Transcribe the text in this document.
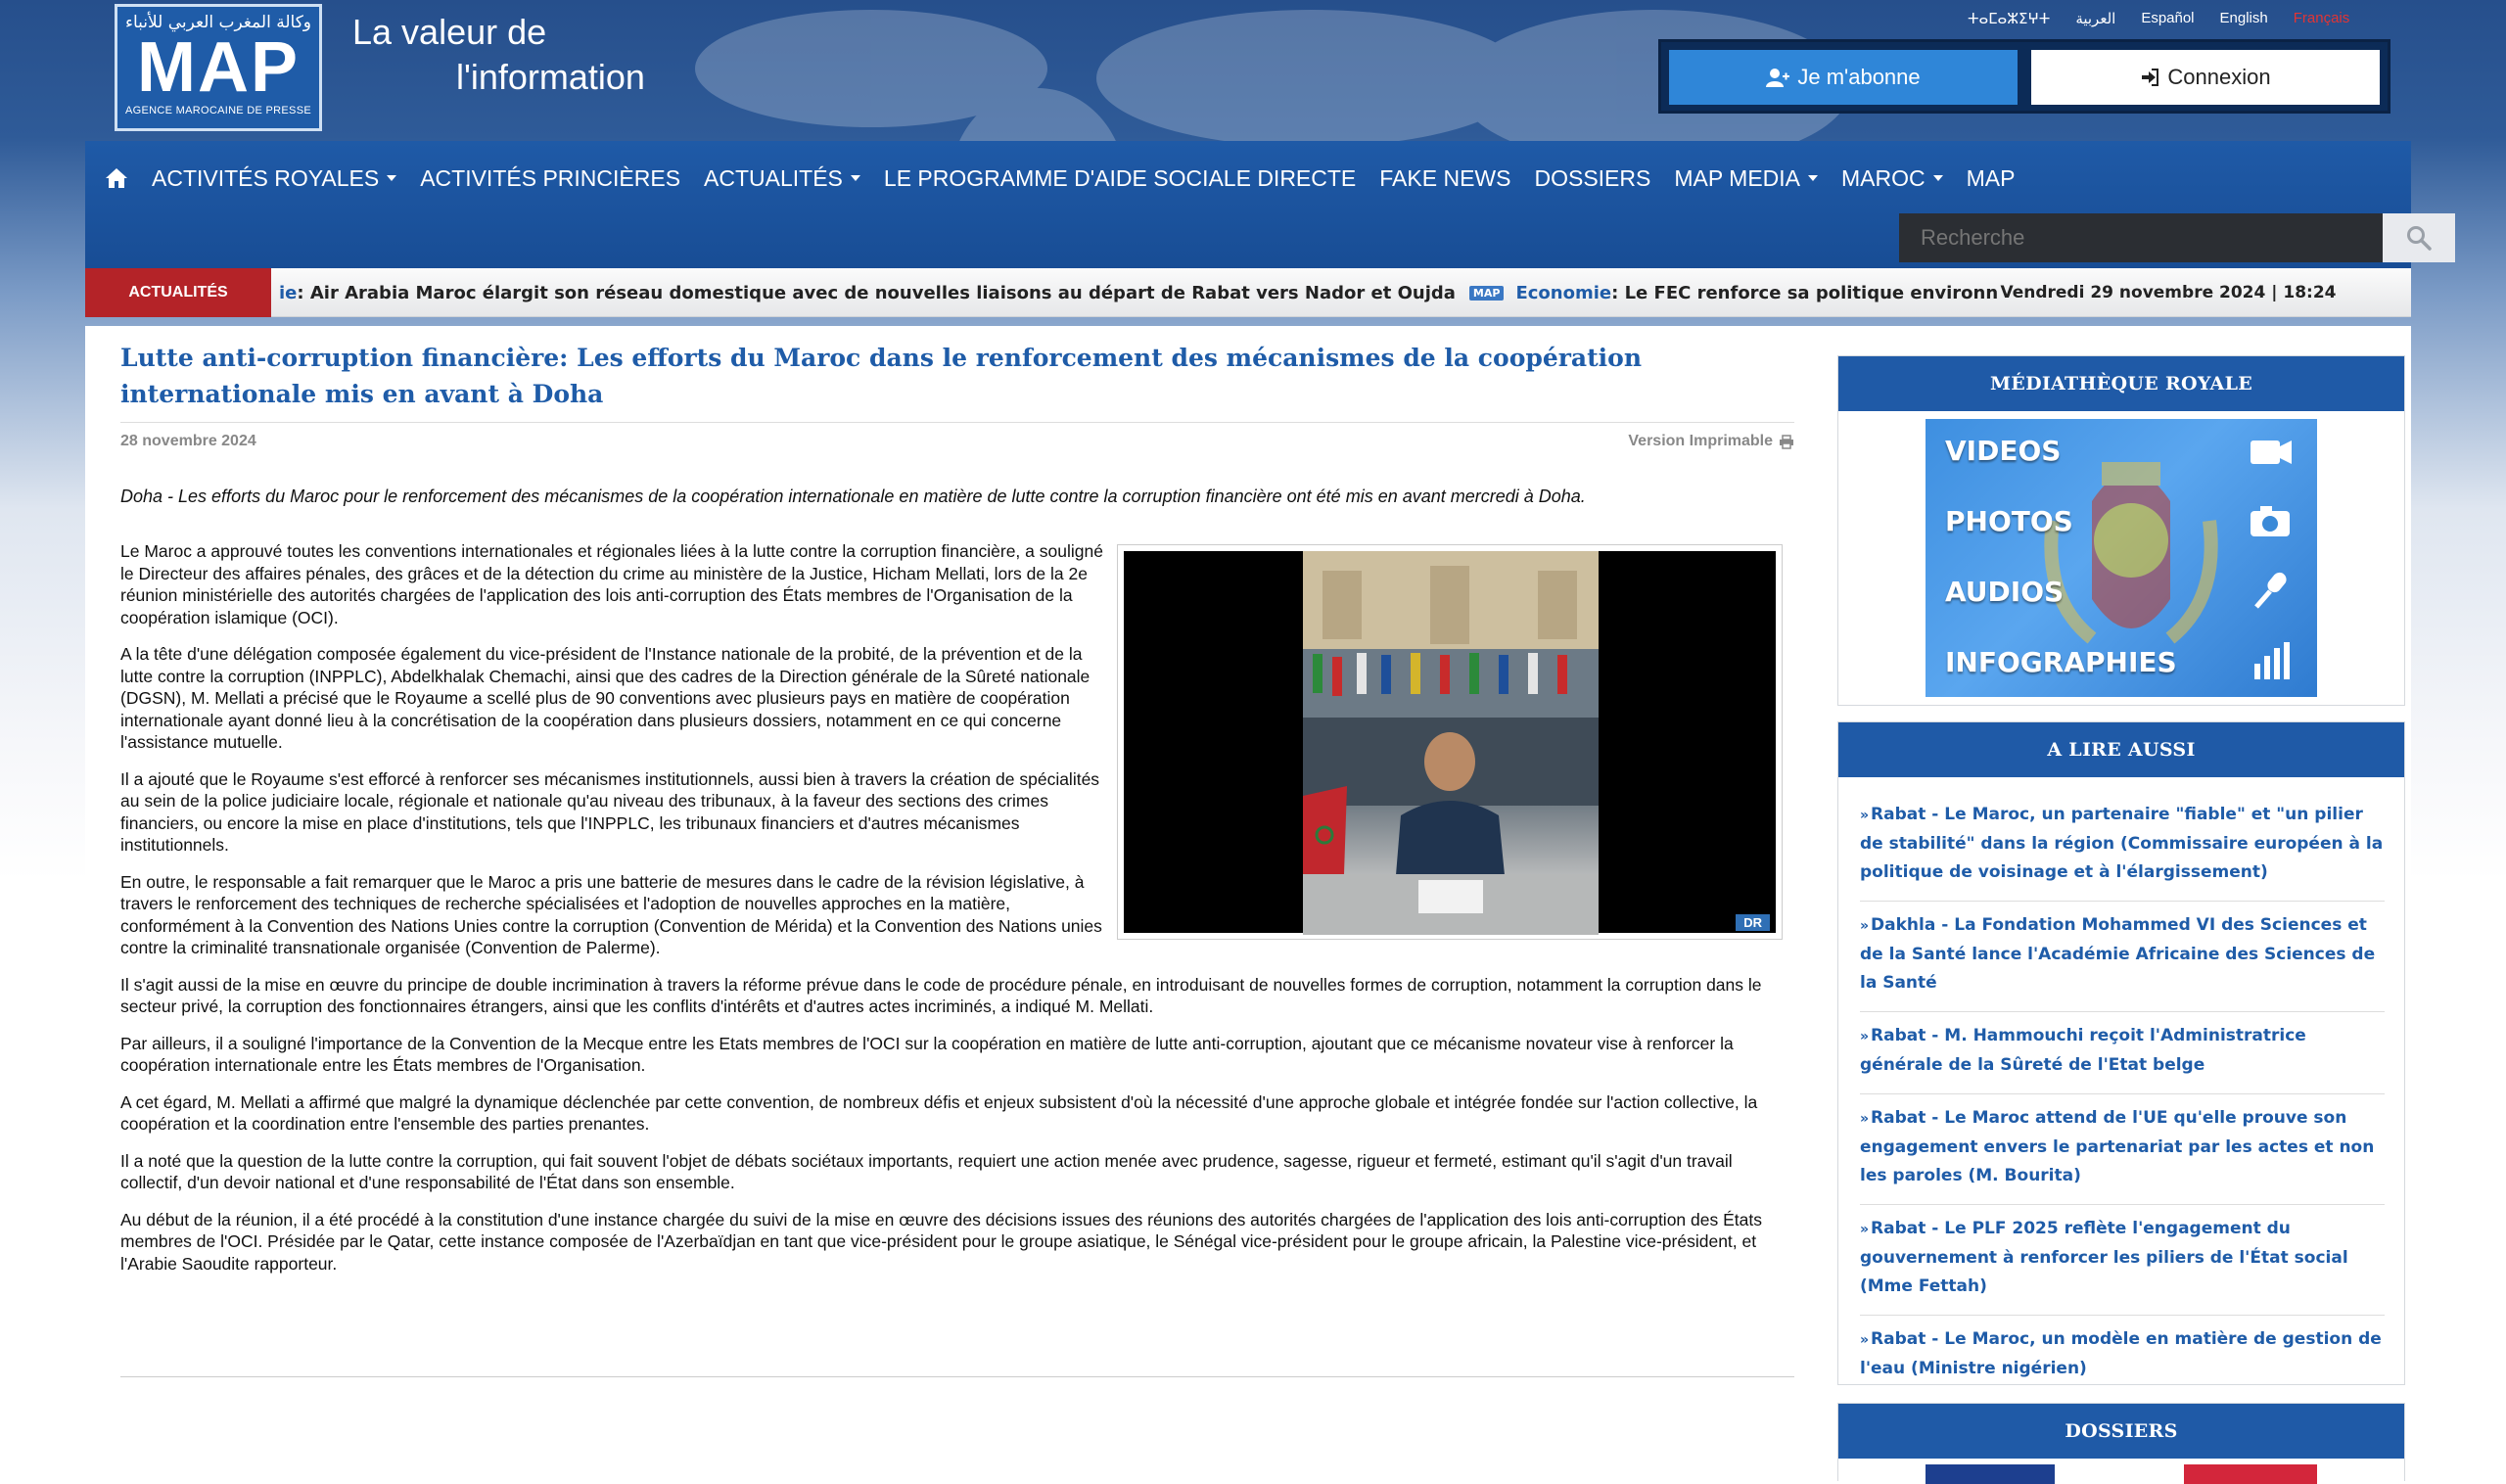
وكالة المغرب العربي للأنباء
MAP
AGENCE MAROCAINE DE PRESSE
La valeur de
l'information
ⵜⴰⵎⴰⵣⵉⵖⵜ العربية Español English Français
Je m'abonne	Connexion
ACTIVITÉS ROYALES ACTIVITÉS PRINCIÈRES ACTUALITÉS LE PROGRAMME D'AIDE SOCIALE DIRECTE FAKE NEWS DOSSIERS MAP MEDIA MAROC MAP
Recherche
ACTUALITÉS	ie : Air Arabia Maroc élargit son réseau domestique avec de nouvelles liaisons au départ de Rabat vers Nador et Oujda	MAP Economie : Le FEC renforce sa politique environn Vendredi 29 novembre 2024 | 18:24
Lutte anti-corruption financière: Les efforts du Maroc dans le renforcement des mécanismes de la coopération internationale mis en avant à Doha
28 novembre 2024	Version Imprimable

Doha - Les efforts du Maroc pour le renforcement des mécanismes de la coopération internationale en matière de lutte contre la corruption financière ont été mis en avant mercredi à Doha.

DR

Le Maroc a approuvé toutes les conventions internationales et régionales liées à la lutte contre la corruption financière, a souligné le Directeur des affaires pénales, des grâces et de la détection du crime au ministère de la Justice, Hicham Mellati, lors de la 2e réunion ministérielle des autorités chargées de l'application des lois anti-corruption des États membres de l'Organisation de la coopération islamique (OCI).

A la tête d'une délégation composée également du vice-président de l'Instance nationale de la probité, de la prévention et de la lutte contre la corruption (INPPLC), Abdelkhalak Chemachi, ainsi que des cadres de la Direction générale de la Sûreté nationale (DGSN), M. Mellati a précisé que le Royaume a scellé plus de 90 conventions avec plusieurs pays en matière de coopération internationale ayant donné lieu à la concrétisation de la coopération dans plusieurs dossiers, notamment en ce qui concerne l'assistance mutuelle.

Il a ajouté que le Royaume s'est efforcé à renforcer ses mécanismes institutionnels, aussi bien à travers la création de spécialités au sein de la police judiciaire locale, régionale et nationale qu'au niveau des tribunaux, à la faveur des sections des crimes financiers, ou encore la mise en place d'institutions, tels que l'INPPLC, les tribunaux financiers et d'autres mécanismes institutionnels.

En outre, le responsable a fait remarquer que le Maroc a pris une batterie de mesures dans le cadre de la révision législative, à travers le renforcement des techniques de recherche spécialisées et l'adoption de nouvelles approches en la matière, conformément à la Convention des Nations Unies contre la corruption (Convention de Mérida) et la Convention des Nations unies contre la criminalité transnationale organisée (Convention de Palerme).

Il s'agit aussi de la mise en œuvre du principe de double incrimination à travers la réforme prévue dans le code de procédure pénale, en introduisant de nouvelles formes de corruption, notamment la corruption dans le secteur privé, la corruption des fonctionnaires étrangers, ainsi que les conflits d'intérêts et d'autres actes incriminés, a indiqué M. Mellati.

Par ailleurs, il a souligné l'importance de la Convention de la Mecque entre les Etats membres de l'OCI sur la coopération en matière de lutte anti-corruption, ajoutant que ce mécanisme novateur vise à renforcer la coopération internationale entre les États membres de l'Organisation.

A cet égard, M. Mellati a affirmé que malgré la dynamique déclenchée par cette convention, de nombreux défis et enjeux subsistent d'où la nécessité d'une approche globale et intégrée fondée sur l'action collective, la coopération et la coordination entre l'ensemble des parties prenantes.

Il a noté que la question de la lutte contre la corruption, qui fait souvent l'objet de débats sociétaux importants, requiert une action menée avec prudence, sagesse, rigueur et fermeté, estimant qu'il s'agit d'un travail collectif, d'un devoir national et d'une responsabilité de l'État dans son ensemble.

Au début de la réunion, il a été procédé à la constitution d'une instance chargée du suivi de la mise en œuvre des décisions issues des réunions des autorités chargées de l'application des lois anti-corruption des États membres de l'OCI. Présidée par le Qatar, cette instance composée de l'Azerbaïdjan en tant que vice-président pour le groupe asiatique, le Sénégal vice-président pour le groupe africain, la Palestine vice-président, et l'Arabie Saoudite rapporteur.

MÉDIATHÈQUE ROYALE
VIDEOS
PHOTOS
AUDIOS
INFOGRAPHIES
A LIRE AUSSI
» Rabat - Le Maroc, un partenaire "fiable" et "un pilier de stabilité" dans la région (Commissaire européen à la politique de voisinage et à l'élargissement)
» Dakhla - La Fondation Mohammed VI des Sciences et de la Santé lance l'Académie Africaine des Sciences de la Santé
» Rabat - M. Hammouchi reçoit l'Administratrice générale de la Sûreté de l'Etat belge
» Rabat - Le Maroc attend de l'UE qu'elle prouve son engagement envers le partenariat par les actes et non les paroles (M. Bourita)
» Rabat - Le PLF 2025 reflète l'engagement du gouvernement à renforcer les piliers de l'État social (Mme Fettah)
» Rabat - Le Maroc, un modèle en matière de gestion de l'eau (Ministre nigérien)
DOSSIERS
